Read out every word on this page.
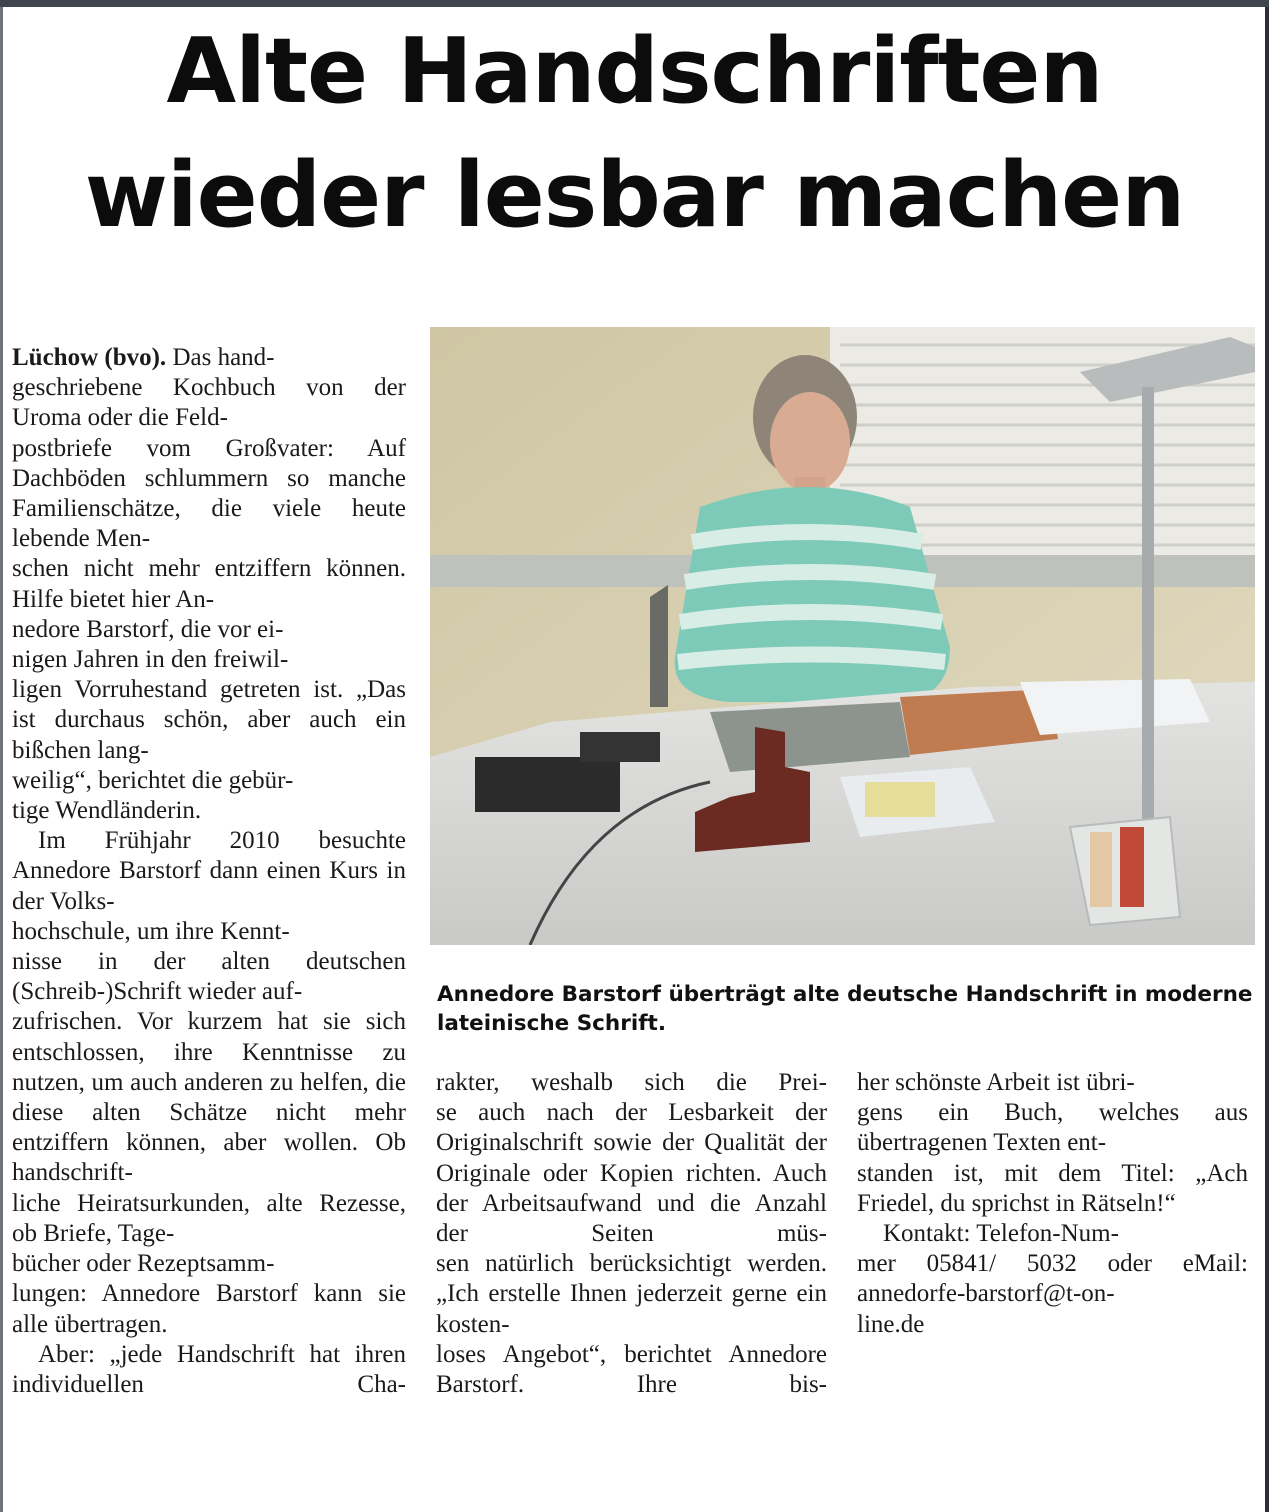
Alte Handschriften
wieder lesbar machen

Lüchow (bvo). Das hand-
geschriebene Kochbuch von der Uroma oder die Feld-
postbriefe vom Großvater: Auf Dachböden schlummern so manche Familienschätze, die viele heute lebende Men-
schen nicht mehr entziffern können. Hilfe bietet hier An-
nedore Barstorf, die vor ei-
nigen Jahren in den freiwil-
ligen Vorruhestand getreten ist. „Das ist durchaus schön, aber auch ein bißchen lang-
weilig“, berichtet die gebür-
tige Wendländerin.

Im Frühjahr 2010 besuchte Annedore Barstorf dann einen Kurs in der Volks-
hochschule, um ihre Kennt-
nisse in der alten deutschen (Schreib-)Schrift wieder auf-
zufrischen. Vor kurzem hat sie sich entschlossen, ihre Kenntnisse zu nutzen, um auch anderen zu helfen, die diese alten Schätze nicht mehr entziffern können, aber wollen. Ob handschrift-
liche Heiratsurkunden, alte Rezesse, ob Briefe, Tage-
bücher oder Rezeptsamm-
lungen: Annedore Barstorf kann sie alle übertragen.

Aber: „jede Handschrift hat ihren individuellen Cha-

Annedore Barstorf überträgt alte deutsche Handschrift in moderne lateinische Schrift.

rakter, weshalb sich die Prei-
se auch nach der Lesbarkeit der Originalschrift sowie der Qualität der Originale oder Kopien richten. Auch der Arbeitsaufwand und die Anzahl der Seiten müs-
sen natürlich berücksichtigt werden. „Ich erstelle Ihnen jederzeit gerne ein kosten-
loses Angebot“, berichtet Annedore Barstorf. Ihre bis-

her schönste Arbeit ist übri-
gens ein Buch, welches aus übertragenen Texten ent-
standen ist, mit dem Titel: „Ach Friedel, du sprichst in Rätseln!“

Kontakt: Telefon-Num-
mer 05841/ 5032 oder eMail: annedorfe-barstorf@t-on-
line.de
